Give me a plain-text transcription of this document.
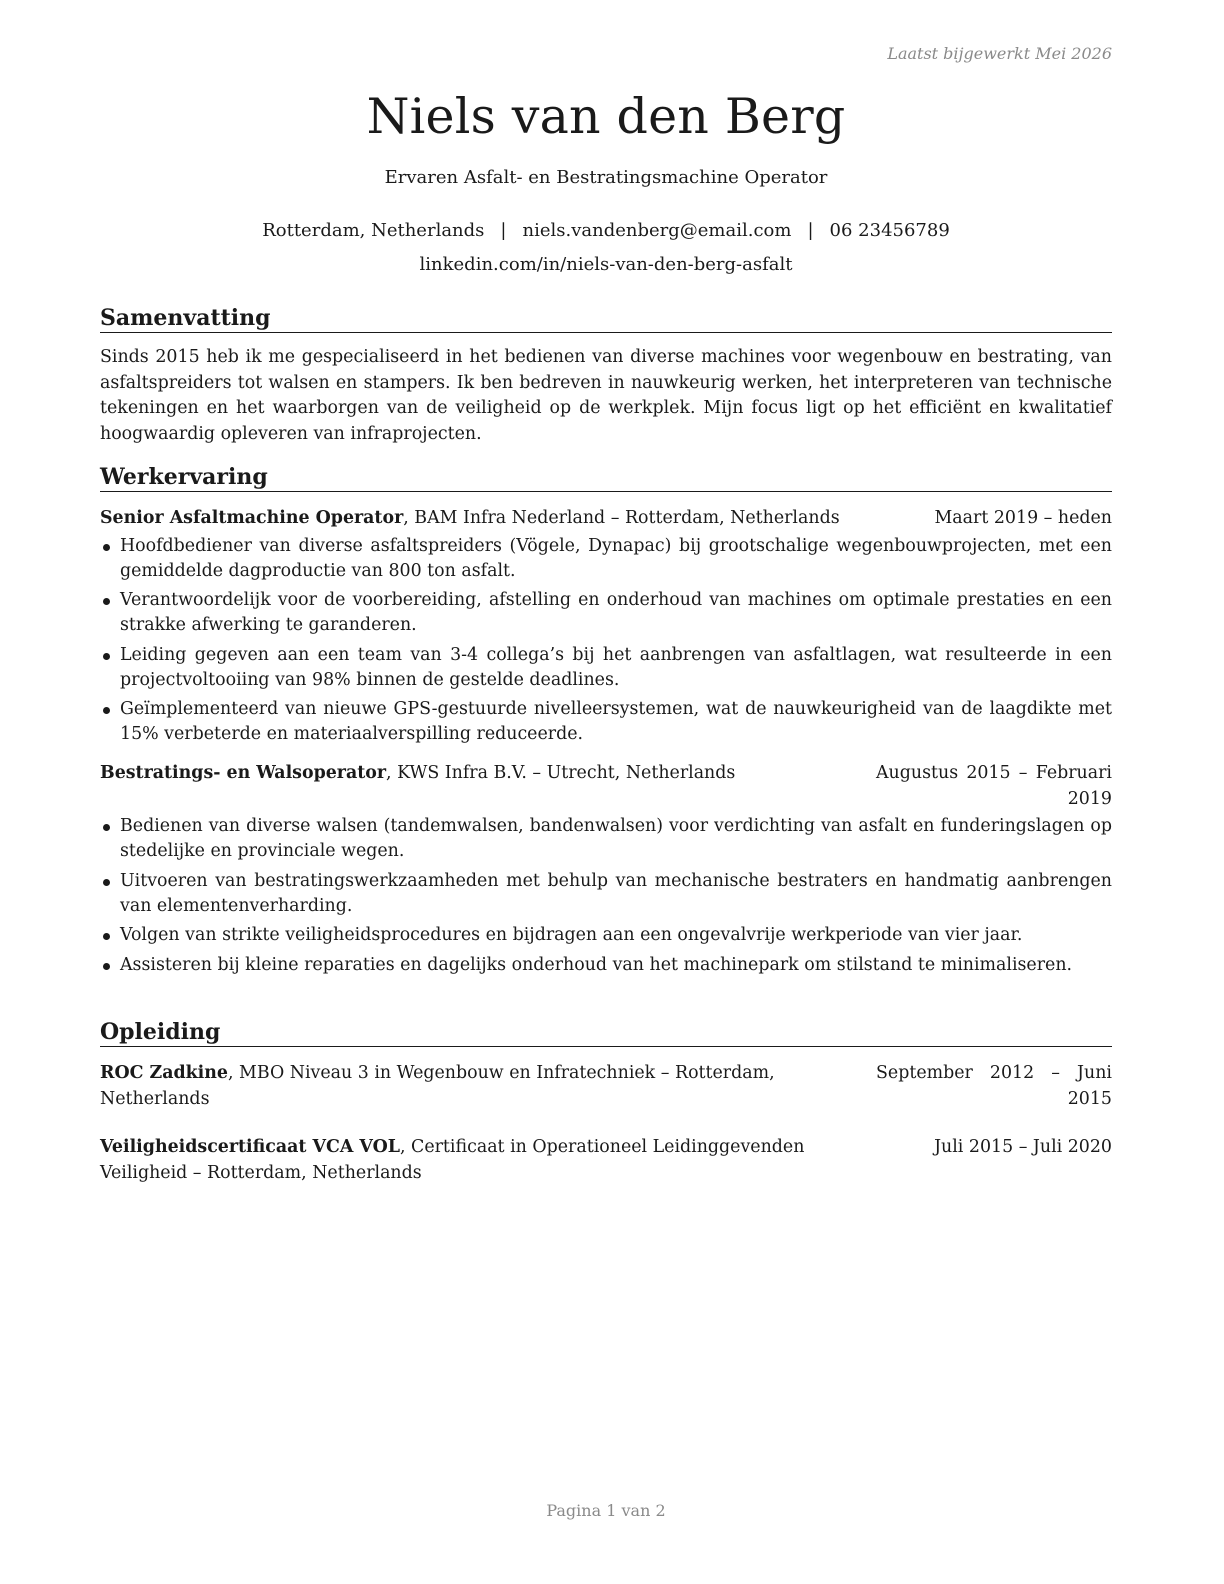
Laatst bijgewerkt Mei 2026
Niels van den Berg
Ervaren Asfalt- en Bestratingsmachine Operator
Rotterdam, Netherlands | niels.vandenberg@email.com | 06 23456789
linkedin.com/in/niels-van-den-berg-asfalt
Samenvatting
Sinds 2015 heb ik me gespecialiseerd in het bedienen van diverse machines voor wegenbouw en bestrating, van asfaltspreiders tot walsen en stampers. Ik ben bedreven in nauwkeurig werken, het interpreteren van technische tekeningen en het waarborgen van de veiligheid op de werkplek. Mijn focus ligt op het efficiënt en kwalitatief hoogwaardig opleveren van infraprojecten.
Werkervaring
Senior Asfaltmachine Operator, BAM Infra Nederland – Rotterdam, Netherlands	Maart 2019 – heden
Hoofdbediener van diverse asfaltspreiders (Vögele, Dynapac) bij grootschalige wegenbouwprojecten, met een gemiddelde dagproductie van 800 ton asfalt.
Verantwoordelijk voor de voorbereiding, afstelling en onderhoud van machines om optimale prestaties en een strakke afwerking te garanderen.
Leiding gegeven aan een team van 3-4 collega’s bij het aanbrengen van asfaltlagen, wat resulteerde in een projectvoltooiing van 98% binnen de gestelde deadlines.
Geïmplementeerd van nieuwe GPS-gestuurde nivelleersystemen, wat de nauwkeurigheid van de laagdikte met 15% verbeterde en materiaalverspilling reduceerde.
Bestratings- en Walsoperator, KWS Infra B.V. – Utrecht, Netherlands	Augustus 2015 – Februari 2019
Bedienen van diverse walsen (tandemwalsen, bandenwalsen) voor verdichting van asfalt en funderingslagen op stedelijke en provinciale wegen.
Uitvoeren van bestratingswerkzaamheden met behulp van mechanische bestraters en handmatig aanbrengen van elementenverharding.
Volgen van strikte veiligheidsprocedures en bijdragen aan een ongevalvrije werkperiode van vier jaar.
Assisteren bij kleine reparaties en dagelijks onderhoud van het machinepark om stilstand te minimaliseren.
Opleiding
ROC Zadkine, MBO Niveau 3 in Wegenbouw en Infratechniek – Rotterdam, Netherlands
September 2012 – Juni 2015
Veiligheidscertificaat VCA VOL, Certificaat in Operationeel Leidinggevenden Veiligheid – Rotterdam, Netherlands
Juli 2015 – Juli 2020
Pagina 1 van 2
